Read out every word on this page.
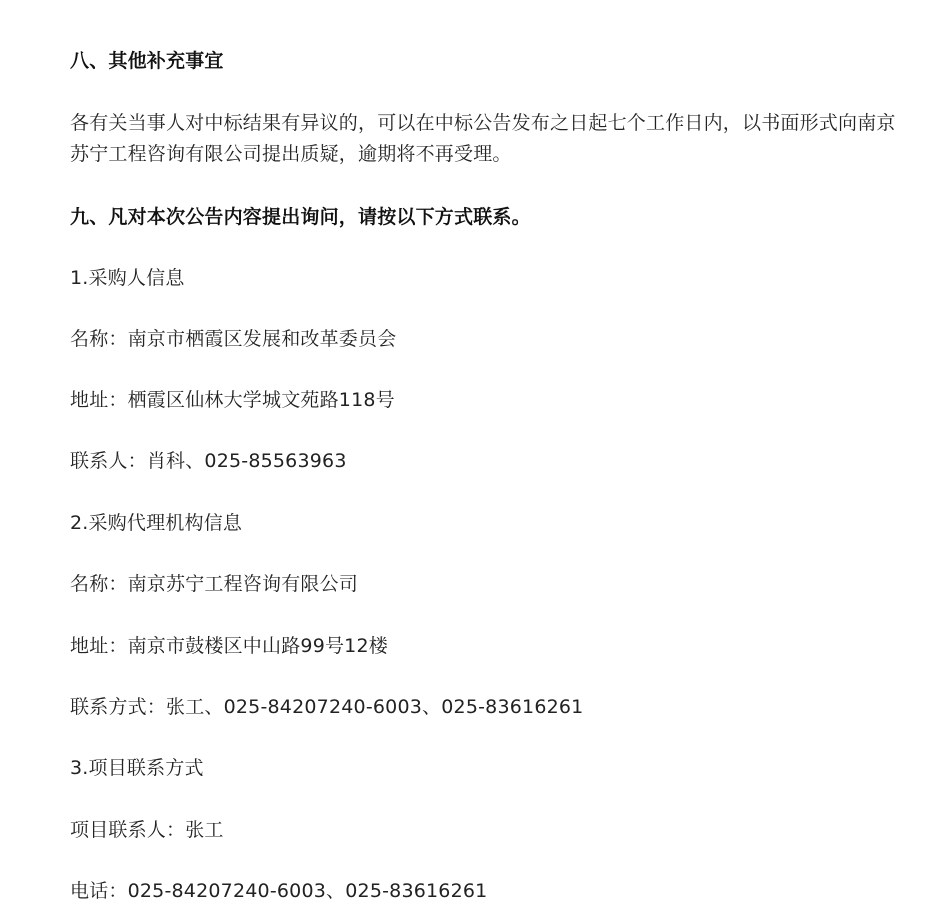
八、其他补充事宜
各有关当事人对中标结果有异议的，可以在中标公告发布之日起七个工作日内，以书面形式向南京苏宁工程咨询有限公司提出质疑，逾期将不再受理。
九、凡对本次公告内容提出询问，请按以下方式联系。
1.采购人信息
名称：南京市栖霞区发展和改革委员会
地址：栖霞区仙林大学城文苑路118号
联系人：肖科、025-85563963
2.采购代理机构信息
名称：南京苏宁工程咨询有限公司
地址：南京市鼓楼区中山路99号12楼
联系方式：张工、025-84207240-6003、025-83616261
3.项目联系方式
项目联系人：张工
电话：025-84207240-6003、025-83616261
